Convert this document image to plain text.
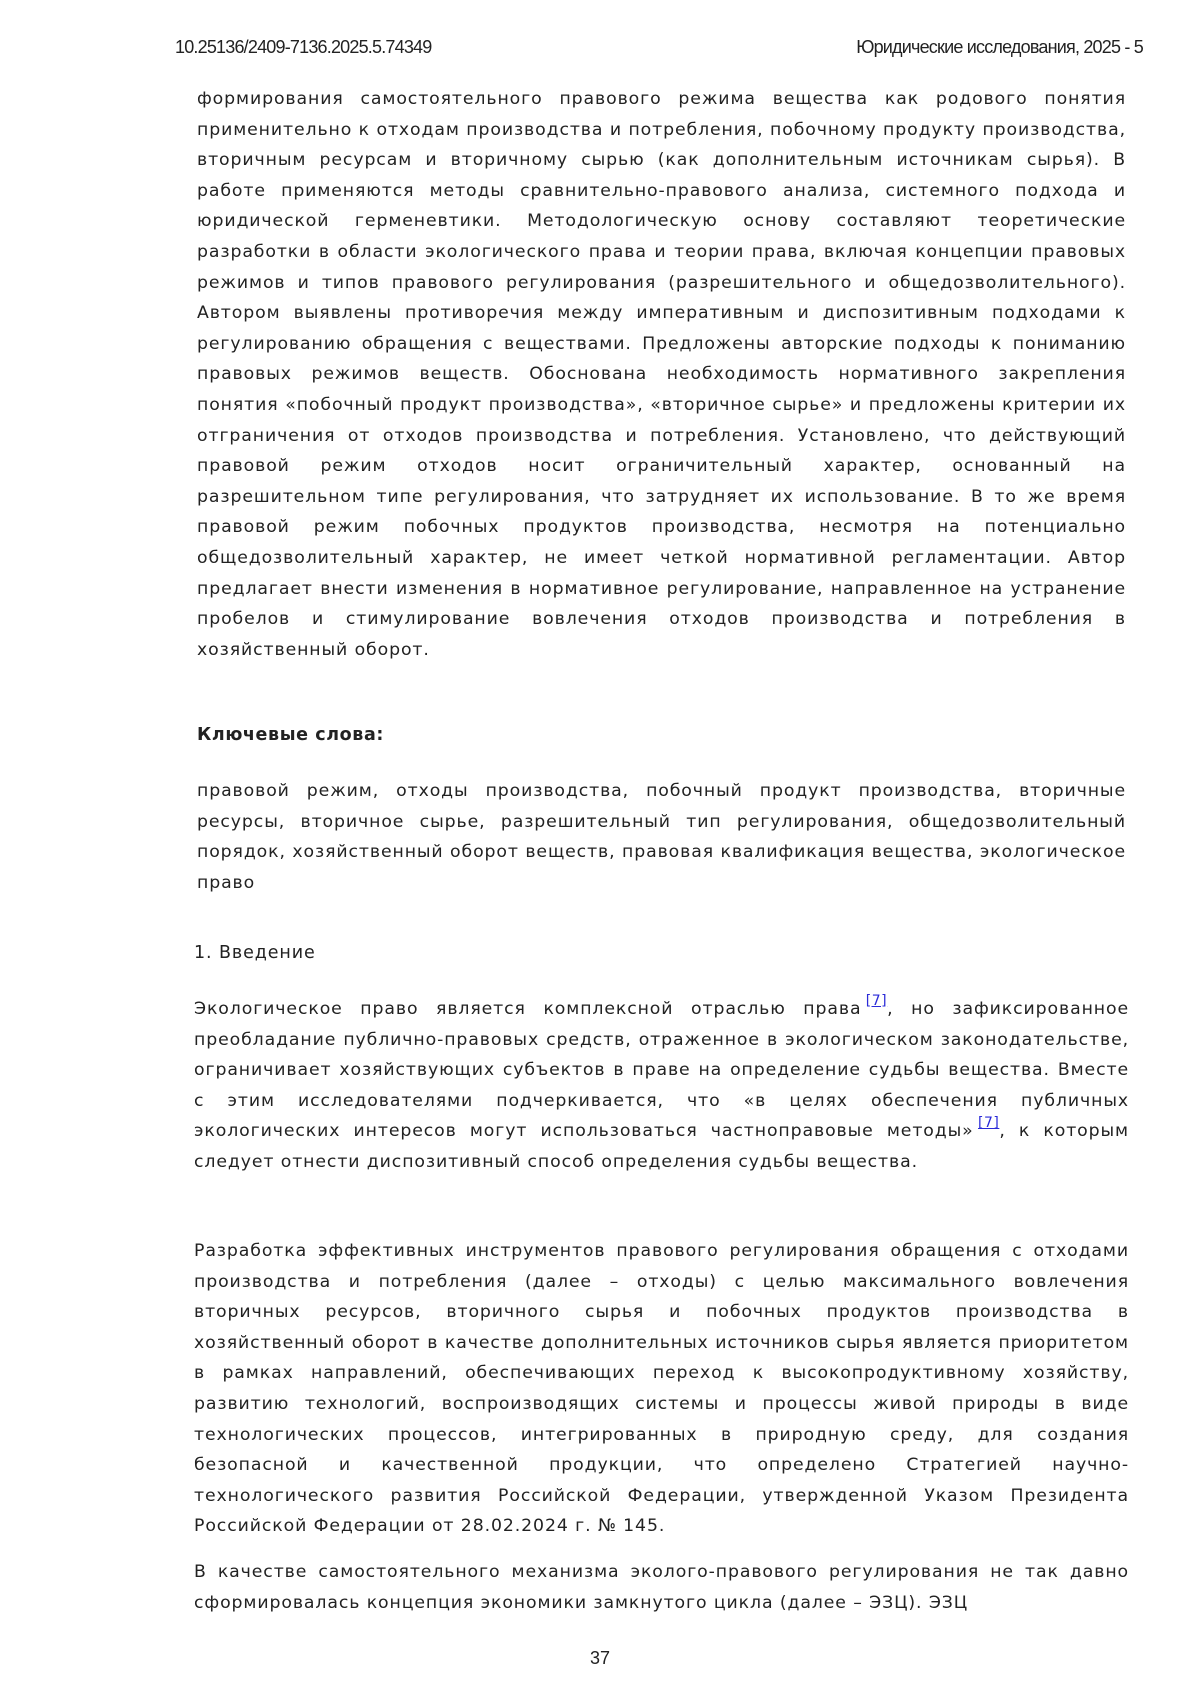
10.25136/2409-7136.2025.5.74349	Юридические исследования, 2025 - 5

формирования самостоятельного правового режима вещества как родового понятия применительно к отходам производства и потребления, побочному продукту производства, вторичным ресурсам и вторичному сырью (как дополнительным источникам сырья). В работе применяются методы сравнительно-правового анализа, системного подхода и юридической герменевтики. Методологическую основу составляют теоретические разработки в области экологического права и теории права, включая концепции правовых режимов и типов правового регулирования (разрешительного и общедозволительного). Автором выявлены противоречия между императивным и диспозитивным подходами к регулированию обращения с веществами. Предложены авторские подходы к пониманию правовых режимов веществ. Обоснована необходимость нормативного закрепления понятия «побочный продукт производства», «вторичное сырье» и предложены критерии их отграничения от отходов производства и потребления. Установлено, что действующий правовой режим отходов носит ограничительный характер, основанный на разрешительном типе регулирования, что затрудняет их использование. В то же время правовой режим побочных продуктов производства, несмотря на потенциально общедозволительный характер, не имеет четкой нормативной регламентации. Автор предлагает внести изменения в нормативное регулирование, направленное на устранение пробелов и стимулирование вовлечения отходов производства и потребления в хозяйственный оборот.

Ключевые слова:

правовой режим, отходы производства, побочный продукт производства, вторичные ресурсы, вторичное сырье, разрешительный тип регулирования, общедозволительный порядок, хозяйственный оборот веществ, правовая квалификация вещества, экологическое право

1. Введение

Экологическое право является комплексной отраслью права  [7], но зафиксированное преобладание публично-правовых средств, отраженное в экологическом законодательстве, ограничивает хозяйствующих субъектов в праве на определение судьбы вещества. Вместе с этим исследователями подчеркивается, что «в целях обеспечения публичных экологических интересов могут использоваться частноправовые методы»  [7], к которым следует отнести диспозитивный способ определения судьбы вещества.

Разработка эффективных инструментов правового регулирования обращения с отходами производства и потребления (далее – отходы) с целью максимального вовлечения вторичных ресурсов, вторичного сырья и побочных продуктов производства в хозяйственный оборот в качестве дополнительных источников сырья является приоритетом в рамках направлений, обеспечивающих переход к высокопродуктивному хозяйству, развитию технологий, воспроизводящих системы и процессы живой природы в виде технологических процессов, интегрированных в природную среду, для создания безопасной и качественной продукции, что определено Стратегией научно-технологического развития Российской Федерации, утвержденной Указом Президента Российской Федерации от 28.02.2024 г. № 145.

В качестве самостоятельного механизма эколого-правового регулирования не так давно сформировалась концепция экономики замкнутого цикла (далее – ЭЗЦ). ЭЗЦ

37
